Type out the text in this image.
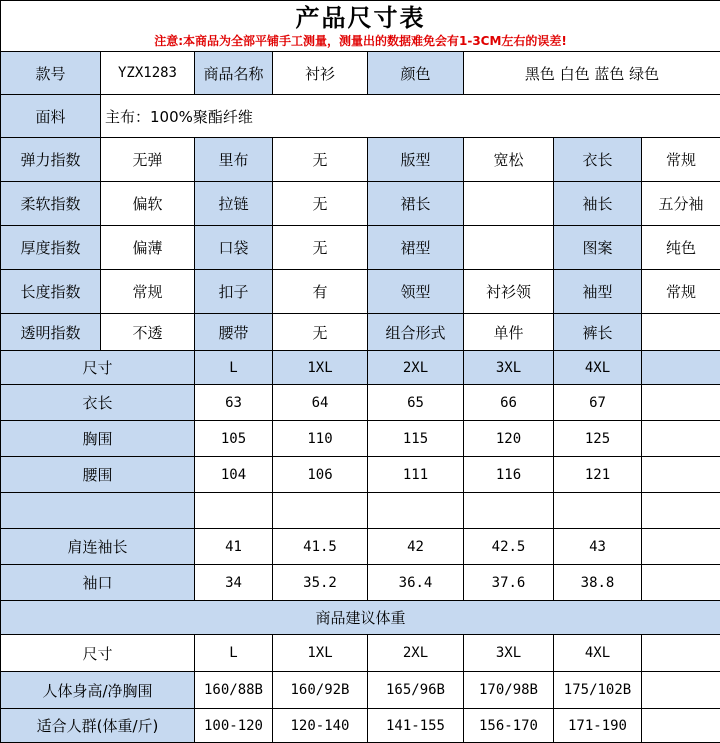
产品尺寸表
注意:本商品为全部平铺手工测量，测量出的数据难免会有1-3CM左右的误差!							

款号	YZX1283	商品名称	衬衫	颜色	黑色 白色 蓝色 绿色		
面料	主布：100%聚酯纤维						
弹力指数	无弹	里布	无	版型	宽松	衣长	常规
柔软指数	偏软	拉链	无	裙长		袖长	五分袖
厚度指数	偏薄	口袋	无	裙型		图案	纯色
长度指数	常规	扣子	有	领型	衬衫领	袖型	常规
透明指数	不透	腰带	无	组合形式	单件	裤长	
尺寸		L	1XL	2XL	3XL	4XL	
衣长		63	64	65	66	67	
胸围		105	110	115	120	125	
腰围		104	106	111	116	121	

肩连袖长		41	41.5	42	42.5	43	
袖口		34	35.2	36.4	37.6	38.8	
商品建议体重							
尺寸		L	1XL	2XL	3XL	4XL	
人体身高/净胸围		160/88B	160/92B	165/96B	170/98B	175/102B	
适合人群(体重/斤)		100-120	120-140	141-155	156-170	171-190	
